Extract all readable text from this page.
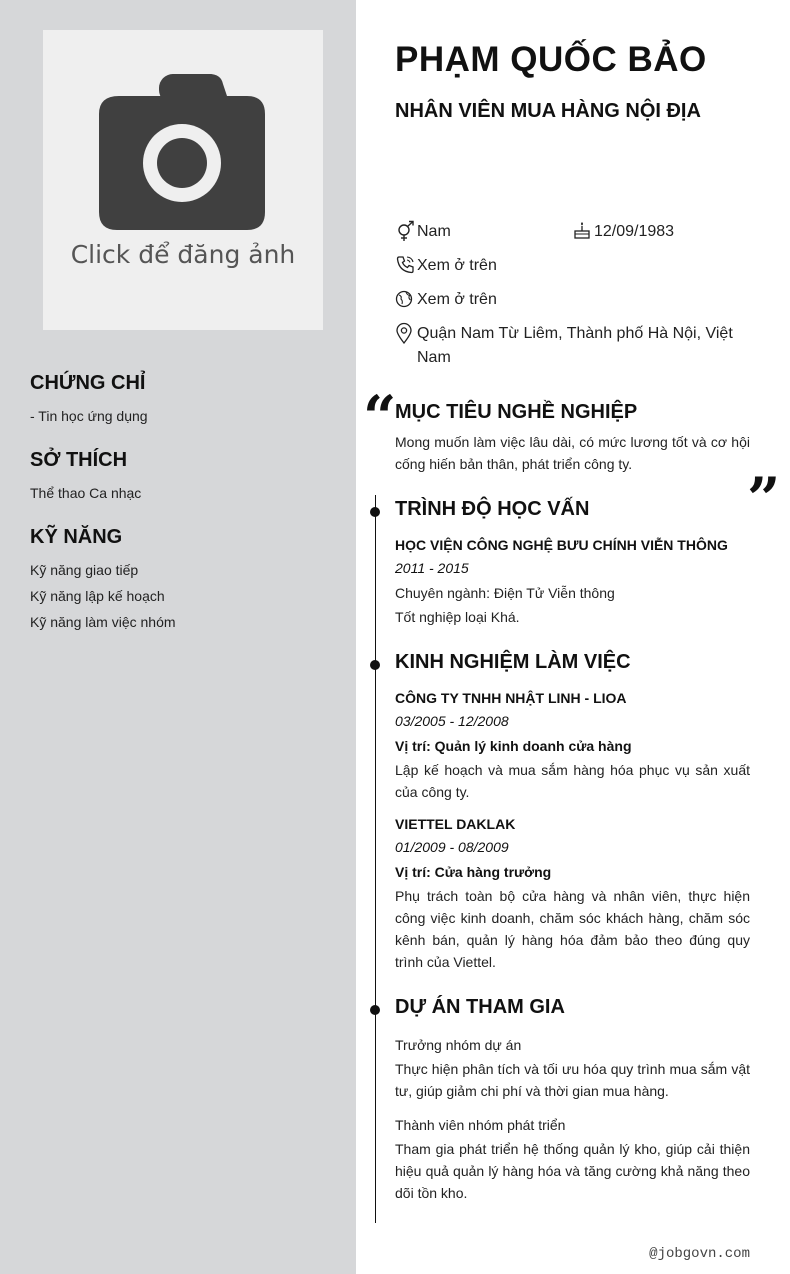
Click để đăng ảnh
CHỨNG CHỈ
- Tin học ứng dụng
SỞ THÍCH
Thể thao Ca nhạc
KỸ NĂNG
Kỹ năng giao tiếp
Kỹ năng lập kế hoạch
Kỹ năng làm việc nhóm
PHẠM QUỐC BẢO
NHÂN VIÊN MUA HÀNG NỘI ĐỊA
Nam	12/09/1983
Xem ở trên
Xem ở trên
Quận Nam Từ Liêm, Thành phố Hà Nội, Việt Nam
“
MỤC TIÊU NGHỀ NGHIỆP
Mong muốn làm việc lâu dài, có mức lương tốt và cơ hội cống hiến bản thân, phát triển công ty.
”
TRÌNH ĐỘ HỌC VẤN
HỌC VIỆN CÔNG NGHỆ BƯU CHÍNH VIỄN THÔNG
2011 - 2015
Chuyên ngành: Điện Tử Viễn thông
Tốt nghiệp loại Khá.
KINH NGHIỆM LÀM VIỆC
CÔNG TY TNHH NHẬT LINH - LIOA
03/2005 - 12/2008
Vị trí: Quản lý kinh doanh cửa hàng
Lập kế hoạch và mua sắm hàng hóa phục vụ sản xuất của công ty.
VIETTEL DAKLAK
01/2009 - 08/2009
Vị trí: Cửa hàng trưởng
Phụ trách toàn bộ cửa hàng và nhân viên, thực hiện công việc kinh doanh, chăm sóc khách hàng, chăm sóc kênh bán, quản lý hàng hóa đảm bảo theo đúng quy trình của Viettel.
DỰ ÁN THAM GIA
Trưởng nhóm dự án
Thực hiện phân tích và tối ưu hóa quy trình mua sắm vật tư, giúp giảm chi phí và thời gian mua hàng.
Thành viên nhóm phát triển
Tham gia phát triển hệ thống quản lý kho, giúp cải thiện hiệu quả quản lý hàng hóa và tăng cường khả năng theo dõi tồn kho.
@jobgovn.com
